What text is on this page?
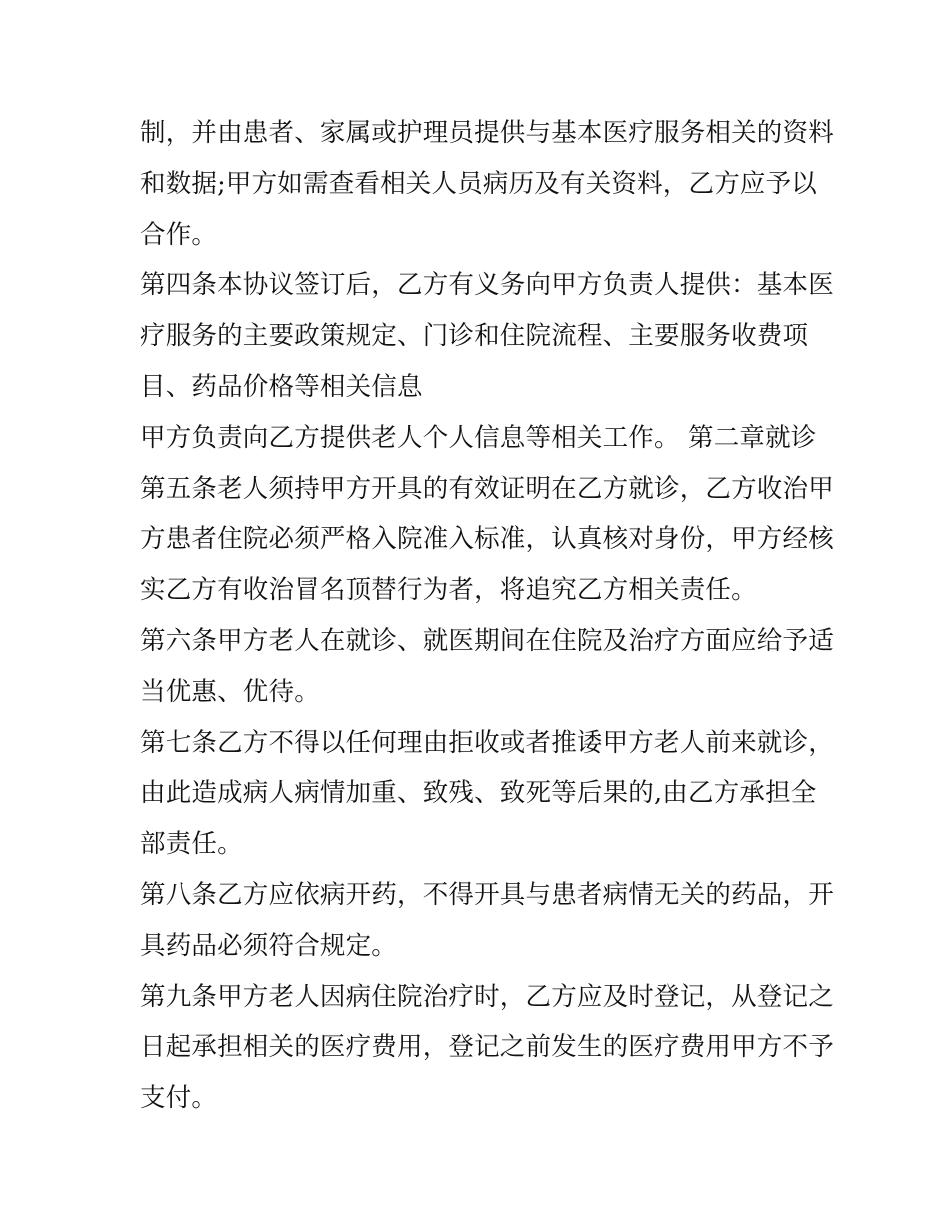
制，并由患者、家属或护理员提供与基本医疗服务相关的资料
和数据;甲方如需查看相关人员病历及有关资料，乙方应予以
合作。
第四条本协议签订后，乙方有义务向甲方负责人提供：基本医
疗服务的主要政策规定、门诊和住院流程、主要服务收费项
目、药品价格等相关信息
甲方负责向乙方提供老人个人信息等相关工作。 第二章就诊
第五条老人须持甲方开具的有效证明在乙方就诊，乙方收治甲
方患者住院必须严格入院准入标准，认真核对身份，甲方经核
实乙方有收治冒名顶替行为者，将追究乙方相关责任。
第六条甲方老人在就诊、就医期间在住院及治疗方面应给予适
当优惠、优待。
第七条乙方不得以任何理由拒收或者推诿甲方老人前来就诊，
由此造成病人病情加重、致残、致死等后果的,由乙方承担全
部责任。
第八条乙方应依病开药，不得开具与患者病情无关的药品，开
具药品必须符合规定。
第九条甲方老人因病住院治疗时，乙方应及时登记，从登记之
日起承担相关的医疗费用，登记之前发生的医疗费用甲方不予
支付。
